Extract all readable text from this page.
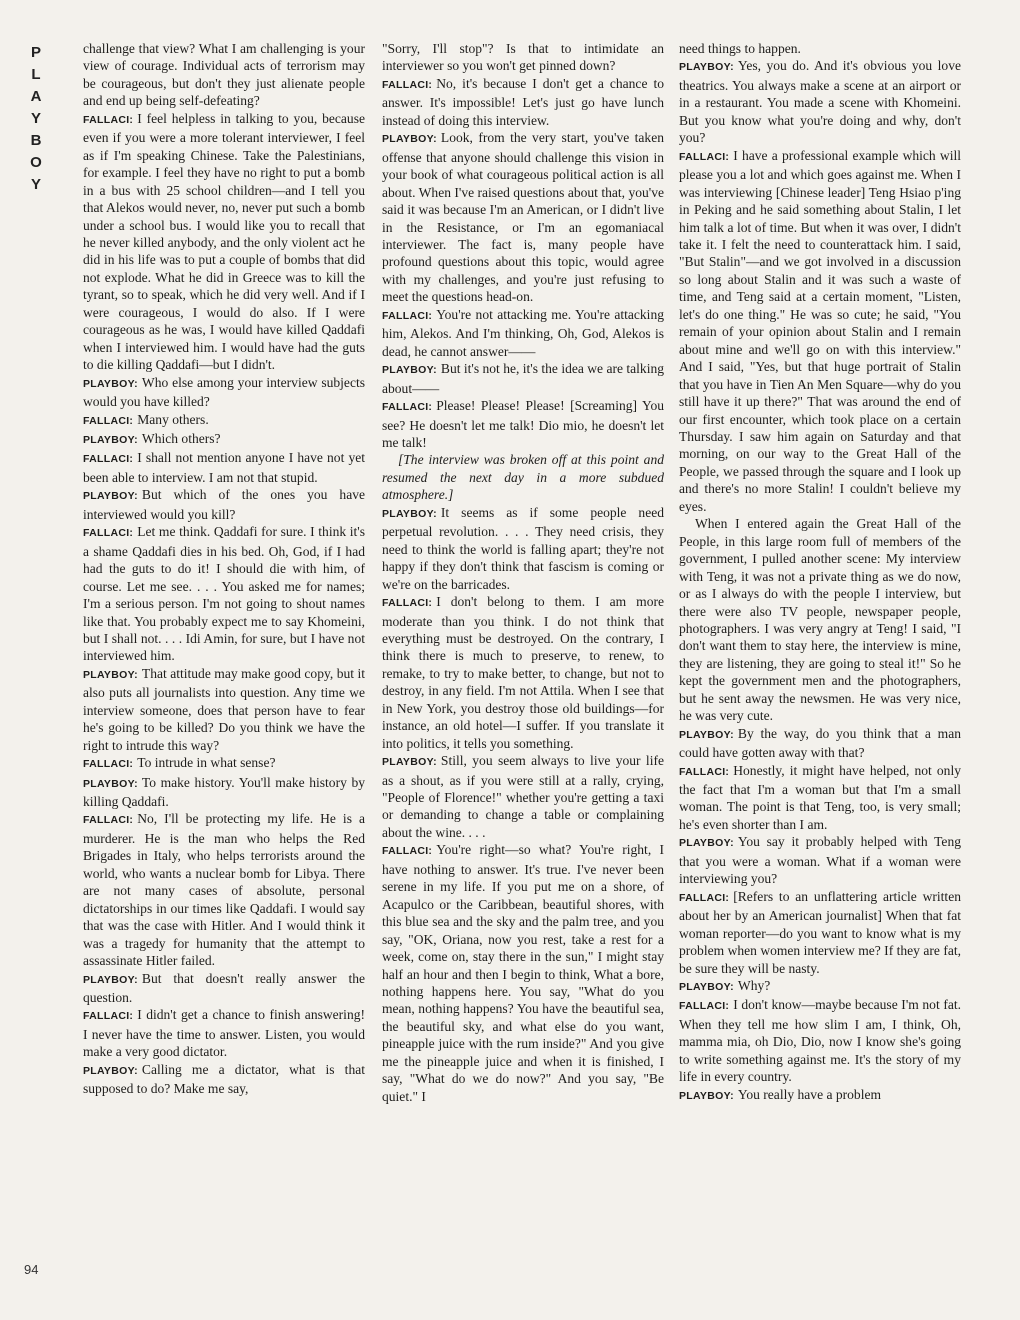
P
L
A
Y
B
O
Y

challenge that view? What I am challenging is your view of courage. Individual acts of terrorism may be courageous, but don't they just alienate people and end up being self-defeating?

FALLACI: I feel helpless in talking to you, because even if you were a more tolerant interviewer, I feel as if I'm speaking Chinese. Take the Palestinians, for example. I feel they have no right to put a bomb in a bus with 25 school children—and I tell you that Alekos would never, no, never put such a bomb under a school bus. I would like you to recall that he never killed anybody, and the only violent act he did in his life was to put a couple of bombs that did not explode. What he did in Greece was to kill the tyrant, so to speak, which he did very well. And if I were courageous, I would do also. If I were courageous as he was, I would have killed Qaddafi when I interviewed him. I would have had the guts to die killing Qaddafi—but I didn't.

PLAYBOY: Who else among your interview subjects would you have killed?

FALLACI: Many others.

PLAYBOY: Which others?

FALLACI: I shall not mention anyone I have not yet been able to interview. I am not that stupid.

PLAYBOY: But which of the ones you have interviewed would you kill?

FALLACI: Let me think. Qaddafi for sure. I think it's a shame Qaddafi dies in his bed. Oh, God, if I had had the guts to do it! I should die with him, of course. Let me see. . . . You asked me for names; I'm a serious person. I'm not going to shout names like that. You probably expect me to say Khomeini, but I shall not. . . . Idi Amin, for sure, but I have not interviewed him.

PLAYBOY: That attitude may make good copy, but it also puts all journalists into question. Any time we interview someone, does that person have to fear he's going to be killed? Do you think we have the right to intrude this way?

FALLACI: To intrude in what sense?

PLAYBOY: To make history. You'll make history by killing Qaddafi.

FALLACI: No, I'll be protecting my life. He is a murderer. He is the man who helps the Red Brigades in Italy, who helps terrorists around the world, who wants a nuclear bomb for Libya. There are not many cases of absolute, personal dictatorships in our times like Qaddafi. I would say that was the case with Hitler. And I would think it was a tragedy for humanity that the attempt to assassinate Hitler failed.

PLAYBOY: But that doesn't really answer the question.

FALLACI: I didn't get a chance to finish answering! I never have the time to answer. Listen, you would make a very good dictator.

PLAYBOY: Calling me a dictator, what is that supposed to do? Make me say,

"Sorry, I'll stop"? Is that to intimidate an interviewer so you won't get pinned down?

FALLACI: No, it's because I don't get a chance to answer. It's impossible! Let's just go have lunch instead of doing this interview.

PLAYBOY: Look, from the very start, you've taken offense that anyone should challenge this vision in your book of what courageous political action is all about. When I've raised questions about that, you've said it was because I'm an American, or I didn't live in the Resistance, or I'm an egomaniacal interviewer. The fact is, many people have profound questions about this topic, would agree with my challenges, and you're just refusing to meet the questions head-on.

FALLACI: You're not attacking me. You're attacking him, Alekos. And I'm thinking, Oh, God, Alekos is dead, he cannot answer——

PLAYBOY: But it's not he, it's the idea we are talking about——

FALLACI: Please! Please! Please! [Screaming] You see? He doesn't let me talk! Dio mio, he doesn't let me talk!

[The interview was broken off at this point and resumed the next day in a more subdued atmosphere.]

PLAYBOY: It seems as if some people need perpetual revolution. . . . They need crisis, they need to think the world is falling apart; they're not happy if they don't think that fascism is coming or we're on the barricades.

FALLACI: I don't belong to them. I am more moderate than you think. I do not think that everything must be destroyed. On the contrary, I think there is much to preserve, to renew, to remake, to try to make better, to change, but not to destroy, in any field. I'm not Attila. When I see that in New York, you destroy those old buildings—for instance, an old hotel—I suffer. If you translate it into politics, it tells you something.

PLAYBOY: Still, you seem always to live your life as a shout, as if you were still at a rally, crying, "People of Florence!" whether you're getting a taxi or demanding to change a table or complaining about the wine. . . .

FALLACI: You're right—so what? You're right, I have nothing to answer. It's true. I've never been serene in my life. If you put me on a shore, of Acapulco or the Caribbean, beautiful shores, with this blue sea and the sky and the palm tree, and you say, "OK, Oriana, now you rest, take a rest for a week, come on, stay there in the sun," I might stay half an hour and then I begin to think, What a bore, nothing happens here. You say, "What do you mean, nothing happens? You have the beautiful sea, the beautiful sky, and what else do you want, pineapple juice with the rum inside?" And you give me the pineapple juice and when it is finished, I say, "What do we do now?" And you say, "Be quiet." I

need things to happen.

PLAYBOY: Yes, you do. And it's obvious you love theatrics. You always make a scene at an airport or in a restaurant. You made a scene with Khomeini. But you know what you're doing and why, don't you?

FALLACI: I have a professional example which will please you a lot and which goes against me. When I was interviewing [Chinese leader] Teng Hsiao p'ing in Peking and he said something about Stalin, I let him talk a lot of time. But when it was over, I didn't take it. I felt the need to counterattack him. I said, "But Stalin"—and we got involved in a discussion so long about Stalin and it was such a waste of time, and Teng said at a certain moment, "Listen, let's do one thing." He was so cute; he said, "You remain of your opinion about Stalin and I remain about mine and we'll go on with this interview." And I said, "Yes, but that huge portrait of Stalin that you have in Tien An Men Square—why do you still have it up there?" That was around the end of our first encounter, which took place on a certain Thursday. I saw him again on Saturday and that morning, on our way to the Great Hall of the People, we passed through the square and I look up and there's no more Stalin! I couldn't believe my eyes.

When I entered again the Great Hall of the People, in this large room full of members of the government, I pulled another scene: My interview with Teng, it was not a private thing as we do now, or as I always do with the people I interview, but there were also TV people, newspaper people, photographers. I was very angry at Teng! I said, "I don't want them to stay here, the interview is mine, they are listening, they are going to steal it!" So he kept the government men and the photographers, but he sent away the newsmen. He was very nice, he was very cute.

PLAYBOY: By the way, do you think that a man could have gotten away with that?

FALLACI: Honestly, it might have helped, not only the fact that I'm a woman but that I'm a small woman. The point is that Teng, too, is very small; he's even shorter than I am.

PLAYBOY: You say it probably helped with Teng that you were a woman. What if a woman were interviewing you?

FALLACI: [Refers to an unflattering article written about her by an American journalist] When that fat woman reporter—do you want to know what is my problem when women interview me? If they are fat, be sure they will be nasty.

PLAYBOY: Why?

FALLACI: I don't know—maybe because I'm not fat. When they tell me how slim I am, I think, Oh, mamma mia, oh Dio, Dio, now I know she's going to write something against me. It's the story of my life in every country.

PLAYBOY: You really have a problem

94
